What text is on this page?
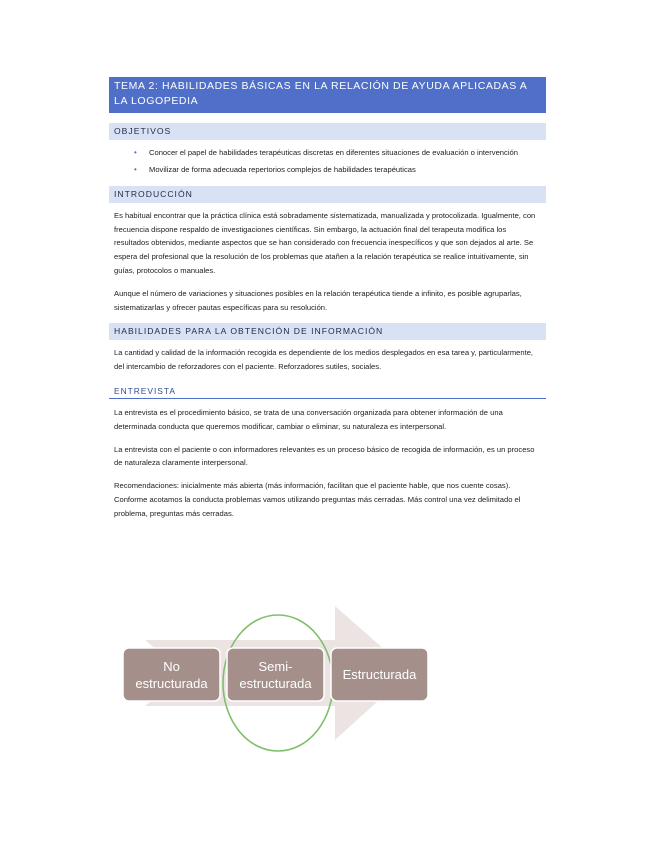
TEMA 2: HABILIDADES BÁSICAS EN LA RELACIÓN DE AYUDA APLICADAS A LA LOGOPEDIA
OBJETIVOS
• Conocer el papel de habilidades terapéuticas discretas en diferentes situaciones de evaluación o intervención
• Movilizar de forma adecuada repertorios complejos de habilidades terapéuticas
INTRODUCCIÓN

Es habitual encontrar que la práctica clínica está sobradamente sistematizada, manualizada y protocolizada. Igualmente, con frecuencia dispone respaldo de investigaciones científicas. Sin embargo, la actuación final del terapeuta modifica los resultados obtenidos, mediante aspectos que se han considerado con frecuencia inespecíficos y que son dejados al arte. Se espera del profesional que la resolución de los problemas que atañen a la relación terapéutica se realice intuitivamente, sin guías, protocolos o manuales.

Aunque el número de variaciones y situaciones posibles en la relación terapéutica tiende a infinito, es posible agruparlas, sistematizarlas y ofrecer pautas específicas para su resolución.

HABILIDADES PARA LA OBTENCIÓN DE INFORMACIÓN

La cantidad y calidad de la información recogida es dependiente de los medios desplegados en esa tarea y, particularmente, del intercambio de reforzadores con el paciente. Reforzadores sutiles, sociales.

ENTREVISTA

La entrevista es el procedimiento básico, se trata de una conversación organizada para obtener información de una determinada conducta que queremos modificar, cambiar o eliminar, su naturaleza es interpersonal.

La entrevista con el paciente o con informadores relevantes es un proceso básico de recogida de información, es un proceso de naturaleza claramente interpersonal.

Recomendaciones: inicialmente más abierta (más información, facilitan que el paciente hable, que nos cuente cosas). Conforme acotamos la conducta problemas vamos utilizando preguntas más cerradas. Más control una vez delimitado el problema, preguntas más cerradas.

No
estructurada
Semi-
estructurada
Estructurada
